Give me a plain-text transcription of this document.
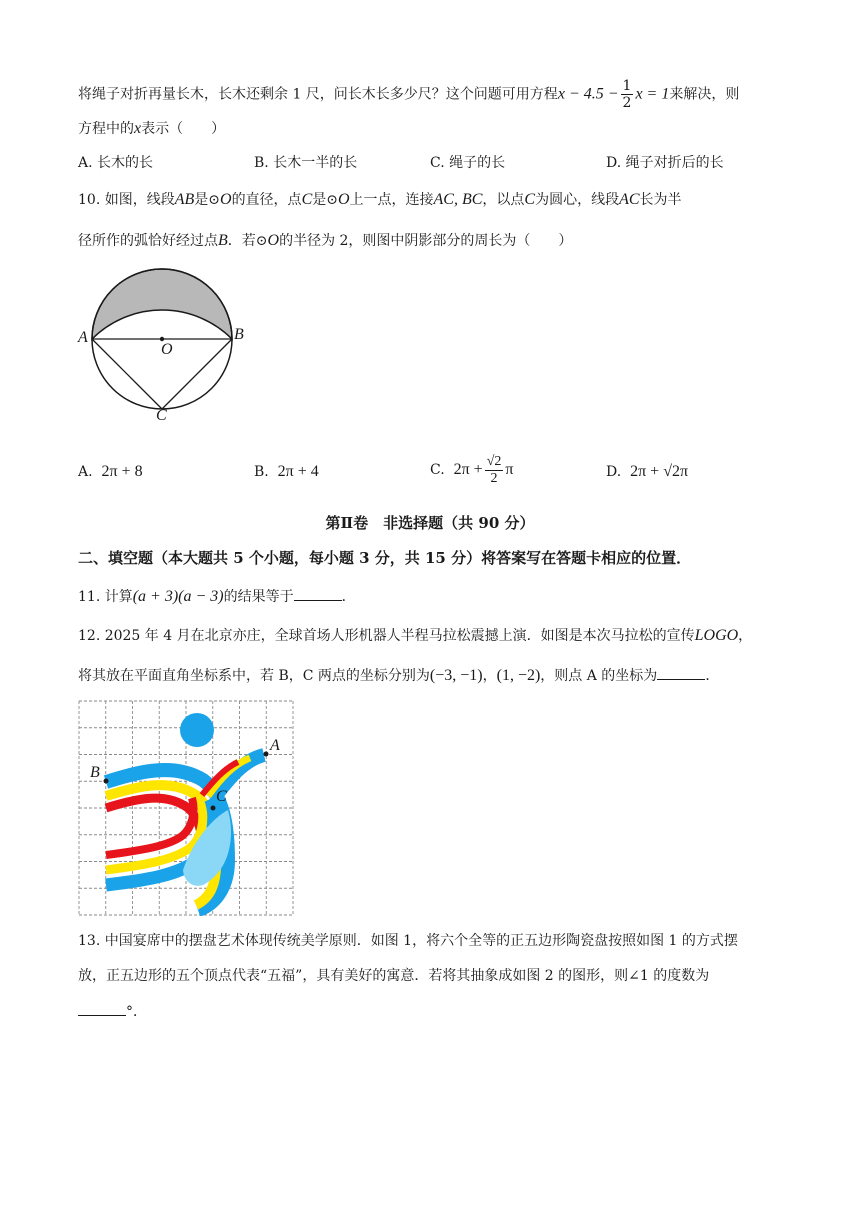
将绳子对折再量长木，长木还剩余 1 尺，问长木长多少尺？这个问题可用方程$x - 4.5 - \frac{1}{2}$ x = 1来解决，则
方程中的x表示（　　）
A. 长木的长	B. 长木一半的长	C. 绳子的长	D. 绳子对折后的长
10. 如图，线段AB是⊙O的直径，点C是⊙O上一点，连接AC, BC，以点C为圆心，线段AC长为半
径所作的弧恰好经过点B．若⊙O的半径为 2，则图中阴影部分的周长为（　　）
A	B
O
C
A. 2π + 8	B. 2π + 4	C. $2\pi + \frac{√2}{2}$ π	D. 2π + √2π
第Ⅱ卷　非选择题（共 90 分）
二、填空题（本大题共 5 个小题，每小题 3 分，共 15 分）将答案写在答题卡相应的位置．
11. 计算(a + 3)(a − 3)的结果等于	．
12. 2025 年 4 月在北京亦庄，全球首场人形机器人半程马拉松震撼上演．如图是本次马拉松的宣传LOGO，
将其放在平面直角坐标系中，若 B，C 两点的坐标分别为(−3, −1)，(1, −2)，则点 A 的坐标为	．
A
B
C
13. 中国宴席中的摆盘艺术体现传统美学原则．如图 1，将六个全等的正五边形陶瓷盘按照如图 1 的方式摆
放，正五边形的五个顶点代表“五福”，具有美好的寓意．若将其抽象成如图 2 的图形，则∠1 的度数为
°．
